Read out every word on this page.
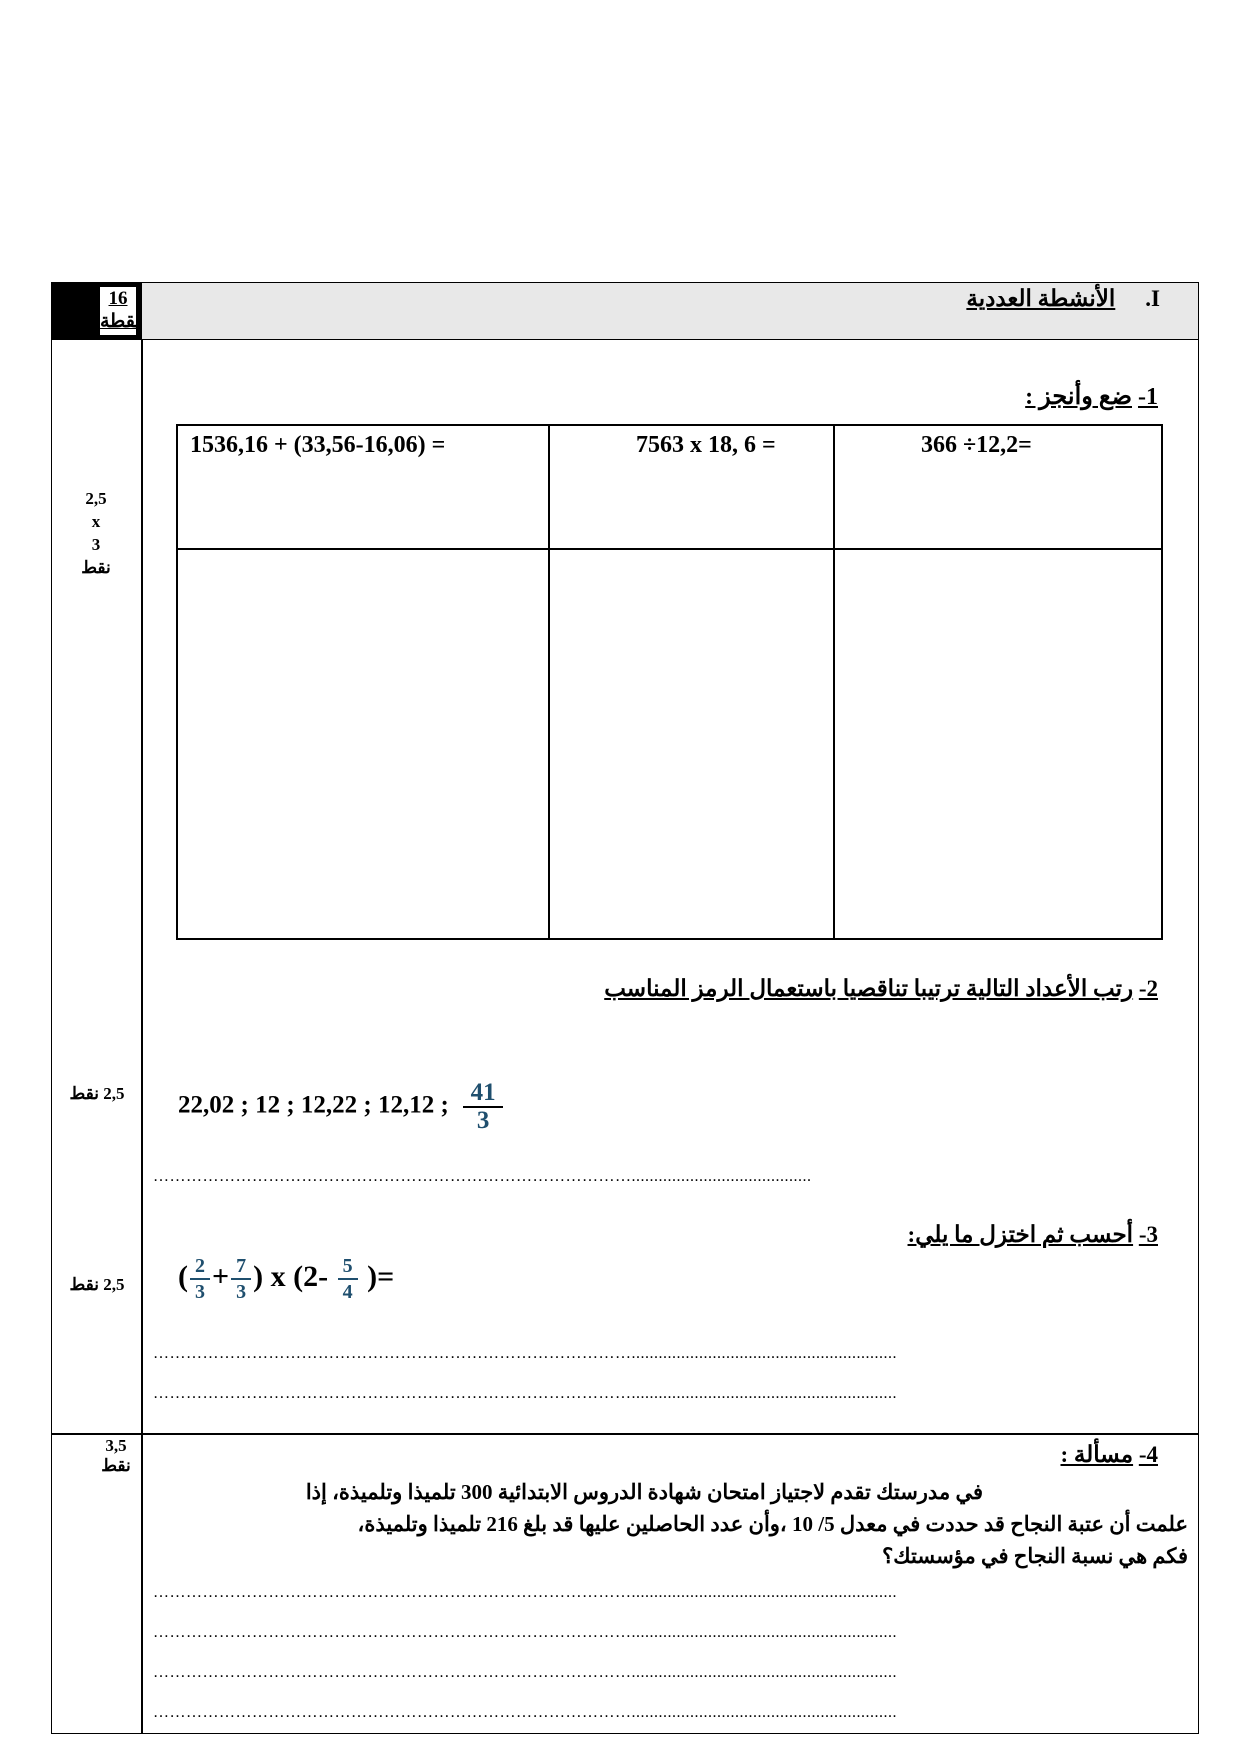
16
نقطة
I.الأنشطة العددية
1- ضع وأنجز :
2,5
x
3
نقط
1536,16 + (33,56-16,06) =	7563 x 18, 6 =	366 ÷12,2=

2- رتب الأعداد التالية ترتيبا تناقصيا باستعمال الرمز المناسب
2,5 نقط 22,02 ; 12 ; 12,22 ; 12,12 ; $\frac{41}{3}$
……………………………………………………………………………........................................
3- أحسب ثم اختزل ما يلي:
2,5 نقط ( $\frac{2}{3} + \frac{7}{3}$ ) x ($2- \frac{5}{4}$ )=
……………………………………………………………………………...........................................................
……………………………………………………………………………...........................................................
3,5
نقط	4- مسألة :

في مدرستك تقدم لاجتياز امتحان شهادة الدروس الابتدائية 300 تلميذا وتلميذة، إذا

علمت أن عتبة النجاح قد حددت في معدل 5/ 10 ،وأن عدد الحاصلين عليها قد بلغ 216 تلميذا وتلميذة،

فكم هي نسبة النجاح في مؤسستك؟

……………………………………………………………………………...........................................................
……………………………………………………………………………...........................................................
……………………………………………………………………………...........................................................
……………………………………………………………………………...........................................................
